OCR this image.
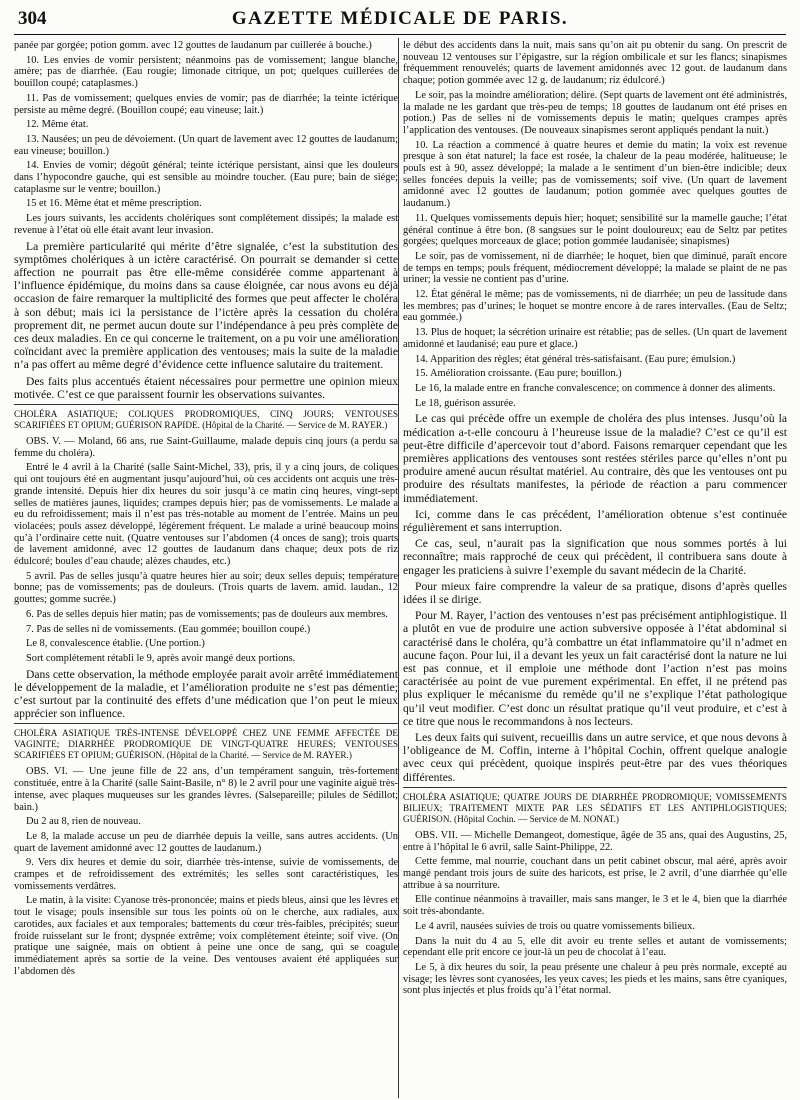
304	GAZETTE MÉDICALE DE PARIS.

panée par gorgée; potion gomm. avec 12 gouttes de laudanum par cuillerée à bouche.)

10. Les envies de vomir persistent; néanmoins pas de vomissement; langue blanche, amère; pas de diarrhée. (Eau rougie; limonade citrique, un pot; quelques cuillerées de bouillon coupé; cataplasmes.)

11. Pas de vomissement; quelques envies de vomir; pas de diarrhée; la teinte ictérique persiste au même degré. (Bouillon coupé; eau vineuse; lait.)

12. Même état.

13. Nausées; un peu de dévoiement. (Un quart de lavement avec 12 gouttes de laudanum; eau vineuse; bouillon.)

14. Envies de vomir; dégoût général; teinte ictérique persistant, ainsi que les douleurs dans l’hypocondre gauche, qui est sensible au moindre toucher. (Eau pure; bain de siége; cataplasme sur le ventre; bouillon.)

15 et 16. Même état et même prescription.

Les jours suivants, les accidents cholériques sont complétement dissipés; la malade est revenue à l’état où elle était avant leur invasion.

La première particularité qui mérite d’être signalée, c’est la substitution des symptômes cholériques à un ictère caractérisé. On pourrait se demander si cette affection ne pourrait pas être elle-même considérée comme appartenant à l’influence épidémique, du moins dans sa cause éloignée, car nous avons eu déjà occasion de faire remarquer la multiplicité des formes que peut affecter le choléra à son début; mais ici la persistance de l’ictère après la cessation du choléra proprement dit, ne permet aucun doute sur l’indépendance à peu près complète de ces deux maladies. En ce qui concerne le traitement, on a pu voir une amélioration coïncidant avec la première application des ventouses; mais la suite de la maladie n’a pas offert au même degré d’évidence cette influence salutaire du traitement.

Des faits plus accentués étaient nécessaires pour permettre une opinion mieux motivée. C’est ce que paraissent fournir les observations suivantes.

CHOLÉRA ASIATIQUE; COLIQUES PRODROMIQUES, CINQ JOURS; VENTOUSES SCARIFIÉES ET OPIUM; GUÉRISON RAPIDE. (Hôpital de la Charité. — Service de M. RAYER.)

OBS. V. — Moland, 66 ans, rue Saint-Guillaume, malade depuis cinq jours (a perdu sa femme du choléra).

Entré le 4 avril à la Charité (salle Saint-Michel, 33), pris, il y a cinq jours, de coliques qui ont toujours été en augmentant jusqu’aujourd’hui, où ces accidents ont acquis une très-grande intensité. Depuis hier dix heures du soir jusqu’à ce matin cinq heures, vingt-sept selles de matières jaunes, liquides; crampes depuis hier; pas de vomissements. Le malade a eu du refroidissement; mais il n’est pas très-notable au moment de l’entrée. Mains un peu violacées; pouls assez développé, légèrement fréquent. Le malade a uriné beaucoup moins qu’à l’ordinaire cette nuit. (Quatre ventouses sur l’abdomen (4 onces de sang); trois quarts de lavement amidonné, avec 12 gouttes de laudanum dans chaque; deux pots de riz édulcoré; boules d’eau chaude; alèzes chaudes, etc.)

5 avril. Pas de selles jusqu’à quatre heures hier au soir; deux selles depuis; température bonne; pas de vomissements; pas de douleurs. (Trois quarts de lavem. amid. laudan., 12 gouttes; gomme sucrée.)

6. Pas de selles depuis hier matin; pas de vomissements; pas de douleurs aux membres.

7. Pas de selles ni de vomissements. (Eau gommée; bouillon coupé.)

Le 8, convalescence établie. (Une portion.)

Sort complétement rétabli le 9, après avoir mangé deux portions.

Dans cette observation, la méthode employée parait avoir arrêté immédiatement le développement de la maladie, et l’amélioration produite ne s’est pas démentie; c’est surtout par la continuité des effets d’une médication que l’on peut le mieux apprécier son influence.

CHOLÉRA ASIATIQUE TRÈS-INTENSE DÉVELOPPÉ CHEZ UNE FEMME AFFECTÉE DE VAGINITE; DIARRHÉE PRODROMIQUE DE VINGT-QUATRE HEURES; VENTOUSES SCARIFIÉES ET OPIUM; GUÉRISON. (Hôpital de la Charité. — Service de M. RAYER.)

OBS. VI. — Une jeune fille de 22 ans, d’un tempérament sanguin, très-fortement constituée, entre à la Charité (salle Saint-Basile, n° 8) le 2 avril pour une vaginite aiguë très-intense, avec plaques muqueuses sur les grandes lèvres. (Salsepareille; pilules de Sédillot; bain.)

Du 2 au 8, rien de nouveau.

Le 8, la malade accuse un peu de diarrhée depuis la veille, sans autres accidents. (Un quart de lavement amidonné avec 12 gouttes de laudanum.)

9. Vers dix heures et demie du soir, diarrhée très-intense, suivie de vomissements, de crampes et de refroidissement des extrémités; les selles sont caractéristiques, les vomissements verdâtres.

Le matin, à la visite: Cyanose très-prononcée; mains et pieds bleus, ainsi que les lèvres et tout le visage; pouls insensible sur tous les points où on le cherche, aux radiales, aux carotides, aux faciales et aux temporales; battements du cœur très-faibles, précipités; sueur froide ruisselant sur le front; dyspnée extrême; voix complétement éteinte; soif vive. (On pratique une saignée, mais on obtient à peine une once de sang, qui se coagule immédiatement après sa sortie de la veine. Des ventouses avaient été appliquées sur l’abdomen dès

le début des accidents dans la nuit, mais sans qu’on ait pu obtenir du sang. On prescrit de nouveau 12 ventouses sur l’épigastre, sur la région ombilicale et sur les flancs; sinapismes fréquemment renouvelés; quarts de lavement amidonnés avec 12 gout. de laudanum dans chaque; potion gommée avec 12 g. de laudanum; riz édulcoré.)

Le soir, pas la moindre amélioration; délire. (Sept quarts de lavement ont été administrés, la malade ne les gardant que très-peu de temps; 18 gouttes de laudanum ont été prises en potion.) Pas de selles ni de vomissements depuis le matin; quelques crampes après l’application des ventouses. (De nouveaux sinapismes seront appliqués pendant la nuit.)

10. La réaction a commencé à quatre heures et demie du matin; la voix est revenue presque à son état naturel; la face est rosée, la chaleur de la peau modérée, halitueuse; le pouls est à 90, assez développé; la malade a le sentiment d’un bien-être indicible; deux selles foncées depuis la veille; pas de vomissements; soif vive. (Un quart de lavement amidonné avec 12 gouttes de laudanum; potion gommée avec quelques gouttes de laudanum.)

11. Quelques vomissements depuis hier; hoquet; sensibilité sur la mamelle gauche; l’état général continue à être bon. (8 sangsues sur le point douloureux; eau de Seltz par petites gorgées; quelques morceaux de glace; potion gommée laudanisée; sinapismes)

Le soir, pas de vomissement, ni de diarrhée; le hoquet, bien que diminué, paraît encore de temps en temps; pouls fréquent, médiocrement développé; la malade se plaint de ne pas uriner; la vessie ne contient pas d’urine.

12. État général le même; pas de vomissements, ni de diarrhée; un peu de lassitude dans les membres; pas d’urines; le hoquet se montre encore à de rares intervalles. (Eau de Seltz; eau gommée.)

13. Plus de hoquet; la sécrétion urinaire est rétablie; pas de selles. (Un quart de lavement amidonné et laudanisé; eau pure et glace.)

14. Apparition des règles; état général très-satisfaisant. (Eau pure; émulsion.)

15. Amélioration croissante. (Eau pure; bouillon.)

Le 16, la malade entre en franche convalescence; on commence à donner des aliments.

Le 18, guérison assurée.

Le cas qui précède offre un exemple de choléra des plus intenses. Jusqu’où la médication a-t-elle concouru à l’heureuse issue de la maladie? C’est ce qu’il est peut-être difficile d’apercevoir tout d’abord. Faisons remarquer cependant que les premières applications des ventouses sont restées stériles parce qu’elles n’ont pu produire amené aucun résultat matériel. Au contraire, dès que les ventouses ont pu produire des résultats manifestes, la période de réaction a paru commencer immédiatement.

Ici, comme dans le cas précédent, l’amélioration obtenue s’est continuée régulièrement et sans interruption.

Ce cas, seul, n’aurait pas la signification que nous sommes portés à lui reconnaître; mais rapproché de ceux qui précèdent, il contribuera sans doute à engager les praticiens à suivre l’exemple du savant médecin de la Charité.

Pour mieux faire comprendre la valeur de sa pratique, disons d’après quelles idées il se dirige.

Pour M. Rayer, l’action des ventouses n’est pas précisément antiphlogistique. Il a plutôt en vue de produire une action subversive opposée à l’état abdominal si caractérisé dans le choléra, qu’à combattre un état inflammatoire qu’il n’admet en aucune façon. Pour lui, il a devant les yeux un fait caractérisé dont la nature ne lui est pas connue, et il emploie une méthode dont l’action n’est pas moins caractérisée au point de vue purement expérimental. En effet, il ne prétend pas plus expliquer le mécanisme du remède qu’il ne s’explique l’état pathologique qu’il veut modifier. C’est donc un résultat pratique qu’il veut produire, et c’est à ce titre que nous le recommandons à nos lecteurs.

Les deux faits qui suivent, recueillis dans un autre service, et que nous devons à l’obligeance de M. Coffin, interne à l’hôpital Cochin, offrent quelque analogie avec ceux qui précèdent, quoique inspirés peut-être par des vues théoriques différentes.

CHOLÉRA ASIATIQUE; QUATRE JOURS DE DIARRHÉE PRODROMIQUE; VOMISSEMENTS BILIEUX; TRAITEMENT MIXTE PAR LES SÉDATIFS ET LES ANTIPHLOGISTIQUES; GUÉRISON. (Hôpital Cochin. — Service de M. NONAT.)

OBS. VII. — Michelle Demangeot, domestique, âgée de 35 ans, quai des Augustins, 25, entre à l’hôpital le 6 avril, salle Saint-Philippe, 22.

Cette femme, mal nourrie, couchant dans un petit cabinet obscur, mal aéré, après avoir mangé pendant trois jours de suite des haricots, est prise, le 2 avril, d’une diarrhée qu’elle attribue à sa nourriture.

Elle continue néanmoins à travailler, mais sans manger, le 3 et le 4, bien que la diarrhée soit très-abondante.

Le 4 avril, nausées suivies de trois ou quatre vomissements bilieux.

Dans la nuit du 4 au 5, elle dit avoir eu trente selles et autant de vomissements; cependant elle prit encore ce jour-là un peu de chocolat à l’eau.

Le 5, à dix heures du soir, la peau présente une chaleur à peu près normale, excepté au visage; les lèvres sont cyanosées, les yeux caves; les pieds et les mains, sans être cyaniques, sont plus injectés et plus froids qu’à l’état normal.
